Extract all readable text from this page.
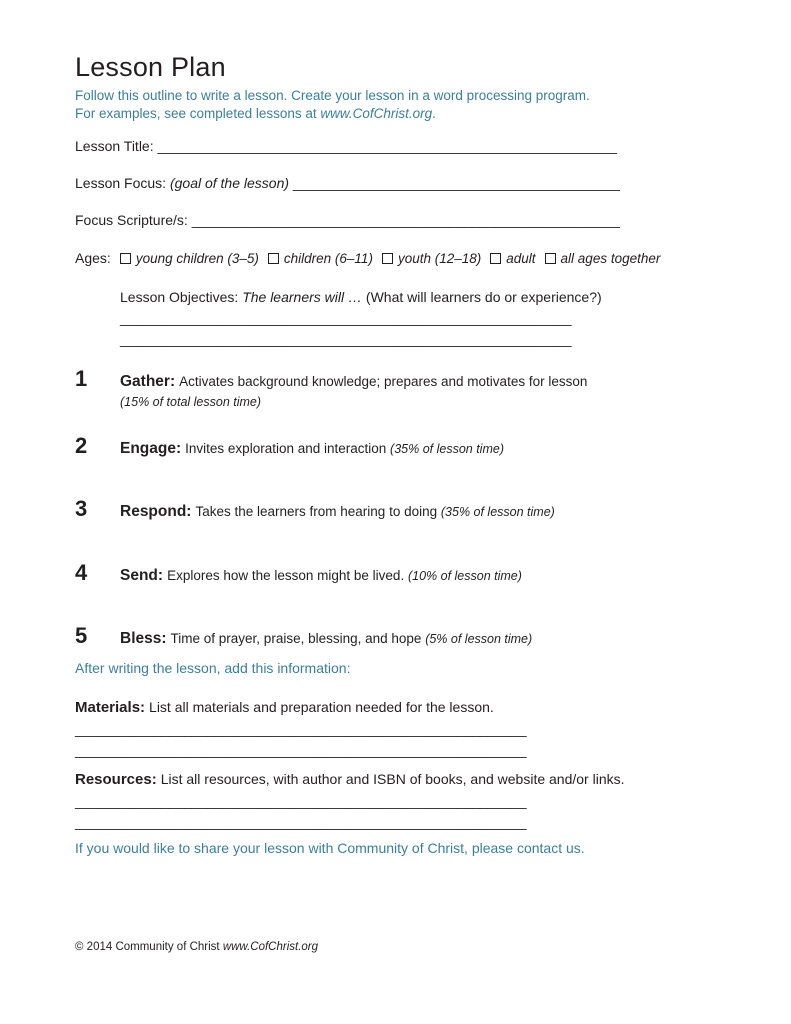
Lesson Plan
Follow this outline to write a lesson. Create your lesson in a word processing program.
For examples, see completed lessons at www.CofChrist.org.
Lesson Title: ___________________________________________________________
Lesson Focus: (goal of the lesson) __________________________________________
Focus Scripture/s: _______________________________________________________
Ages: young children (3–5) children (6–11) youth (12–18) adult all ages together
Lesson Objectives: The learners will … (What will learners do or experience?)
__________________________________________________________
__________________________________________________________
1	Gather: Activates background knowledge; prepares and motivates for lesson
(15% of total lesson time)
2	Engage: Invites exploration and interaction (35% of lesson time)
3	Respond: Takes the learners from hearing to doing (35% of lesson time)
4	Send: Explores how the lesson might be lived. (10% of lesson time)
5	Bless: Time of prayer, praise, blessing, and hope (5% of lesson time)
After writing the lesson, add this information:
Materials: List all materials and preparation needed for the lesson.
__________________________________________________________
__________________________________________________________
Resources: List all resources, with author and ISBN of books, and website and/or links.
__________________________________________________________
__________________________________________________________
If you would like to share your lesson with Community of Christ, please contact us.
© 2014 Community of Christ www.CofChrist.org
